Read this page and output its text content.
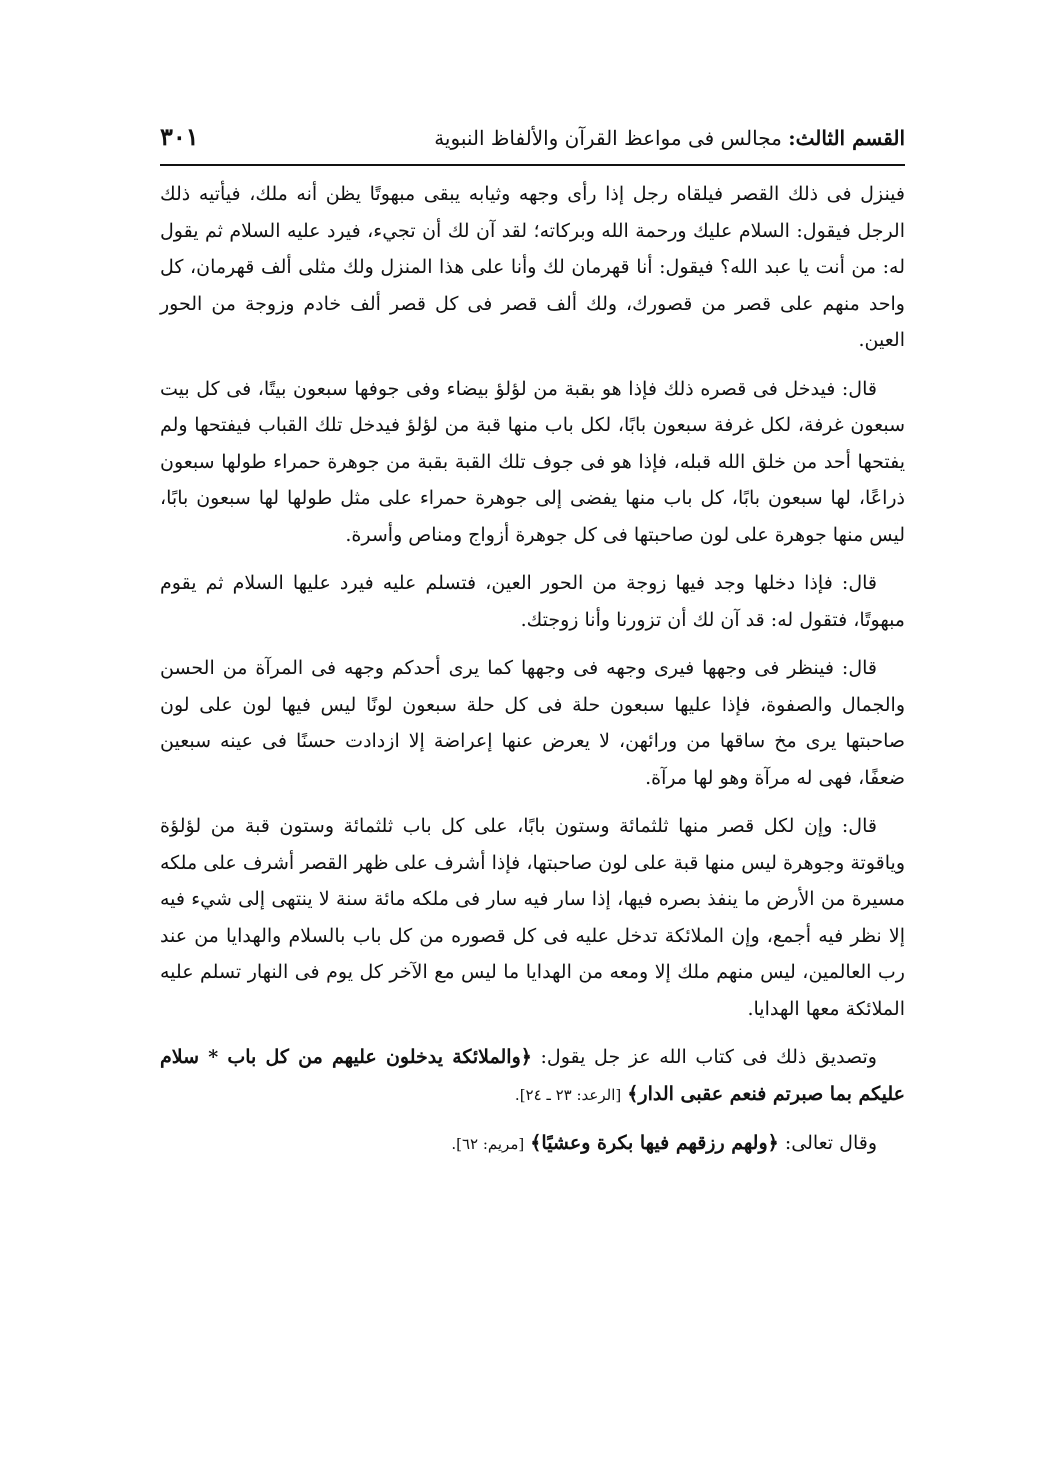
القسم الثالث: مجالس فى مواعظ القرآن والألفاظ النبوية
٣٠١

فينزل فى ذلك القصر فيلقاه رجل إذا رأى وجهه وثيابه يبقى مبهوتًا يظن أنه ملك، فيأتيه ذلك الرجل فيقول: السلام عليك ورحمة الله وبركاته؛ لقد آن لك أن تجيء، فيرد عليه السلام ثم يقول له: من أنت يا عبد الله؟ فيقول: أنا قهرمان لك وأنا على هذا المنزل ولك مثلى ألف قهرمان، كل واحد منهم على قصر من قصورك، ولك ألف قصر فى كل قصر ألف خادم وزوجة من الحور العين.

قال: فيدخل فى قصره ذلك فإذا هو بقبة من لؤلؤ بيضاء وفى جوفها سبعون بيتًا، فى كل بيت سبعون غرفة، لكل غرفة سبعون بابًا، لكل باب منها قبة من لؤلؤ فيدخل تلك القباب فيفتحها ولم يفتحها أحد من خلق الله قبله، فإذا هو فى جوف تلك القبة بقبة من جوهرة حمراء طولها سبعون ذراعًا، لها سبعون بابًا، كل باب منها يفضى إلى جوهرة حمراء على مثل طولها لها سبعون بابًا، ليس منها جوهرة على لون صاحبتها فى كل جوهرة أزواج ومناص وأسرة.

قال: فإذا دخلها وجد فيها زوجة من الحور العين، فتسلم عليه فيرد عليها السلام ثم يقوم مبهوتًا، فتقول له: قد آن لك أن تزورنا وأنا زوجتك.

قال: فينظر فى وجهها فيرى وجهه فى وجهها كما يرى أحدكم وجهه فى المرآة من الحسن والجمال والصفوة، فإذا عليها سبعون حلة فى كل حلة سبعون لونًا ليس فيها لون على لون صاحبتها يرى مخ ساقها من ورائهن، لا يعرض عنها إعراضة إلا ازدادت حسنًا فى عينه سبعين ضعفًا، فهى له مرآة وهو لها مرآة.

قال: وإن لكل قصر منها ثلثمائة وستون بابًا، على كل باب ثلثمائة وستون قبة من لؤلؤة وياقوتة وجوهرة ليس منها قبة على لون صاحبتها، فإذا أشرف على ظهر القصر أشرف على ملكه مسيرة من الأرض ما ينفذ بصره فيها، إذا سار فيه سار فى ملكه مائة سنة لا ينتهى إلى شيء فيه إلا نظر فيه أجمع، وإن الملائكة تدخل عليه فى كل قصوره من كل باب بالسلام والهدايا من عند رب العالمين، ليس منهم ملك إلا ومعه من الهدايا ما ليس مع الآخر كل يوم فى النهار تسلم عليه الملائكة معها الهدايا.

وتصديق ذلك فى كتاب الله عز جل يقول: ﴿والملائكة يدخلون عليهم من كل باب * سلام عليكم بما صبرتم فنعم عقبى الدار﴾ [الرعد: ٢٣ ـ ٢٤].

وقال تعالى: ﴿ولهم رزقهم فيها بكرة وعشيًا﴾ [مريم: ٦٢].
